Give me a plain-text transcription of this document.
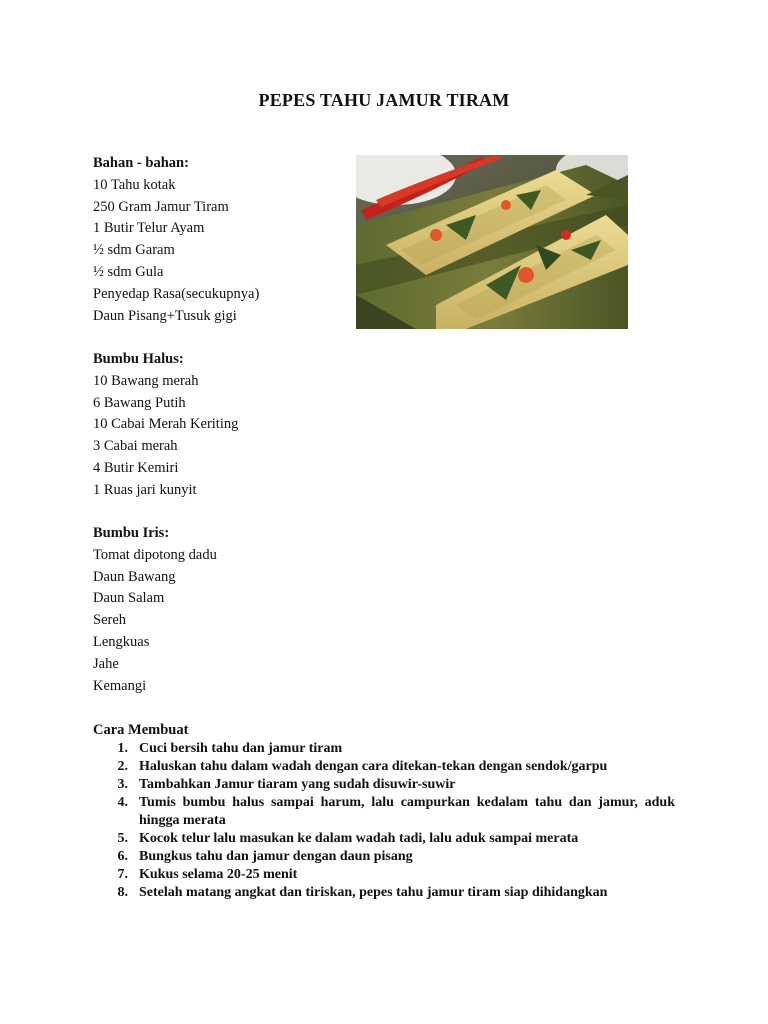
PEPES TAHU JAMUR TIRAM
Bahan - bahan:
10 Tahu kotak
250 Gram Jamur Tiram
1 Butir Telur Ayam
½ sdm Garam
½ sdm Gula
Penyedap Rasa(secukupnya)
Daun Pisang+Tusuk gigi
Bumbu Halus:
10 Bawang merah
6 Bawang Putih
10 Cabai Merah Keriting
3 Cabai merah
4 Butir Kemiri
1 Ruas jari kunyit
Bumbu Iris:
Tomat dipotong dadu
Daun Bawang
Daun Salam
Sereh
Lengkuas
Jahe
Kemangi
Cara Membuat
1. Cuci bersih tahu dan jamur tiram
2. Haluskan tahu dalam wadah dengan cara ditekan-tekan dengan sendok/garpu
3. Tambahkan Jamur tiaram yang sudah disuwir-suwir
4. Tumis bumbu halus sampai harum, lalu campurkan kedalam tahu dan jamur, aduk hingga merata
5. Kocok telur lalu masukan ke dalam wadah tadi, lalu aduk sampai merata
6. Bungkus tahu dan jamur dengan daun pisang
7. Kukus selama 20-25 menit
8. Setelah matang angkat dan tiriskan, pepes tahu jamur tiram siap dihidangkan
